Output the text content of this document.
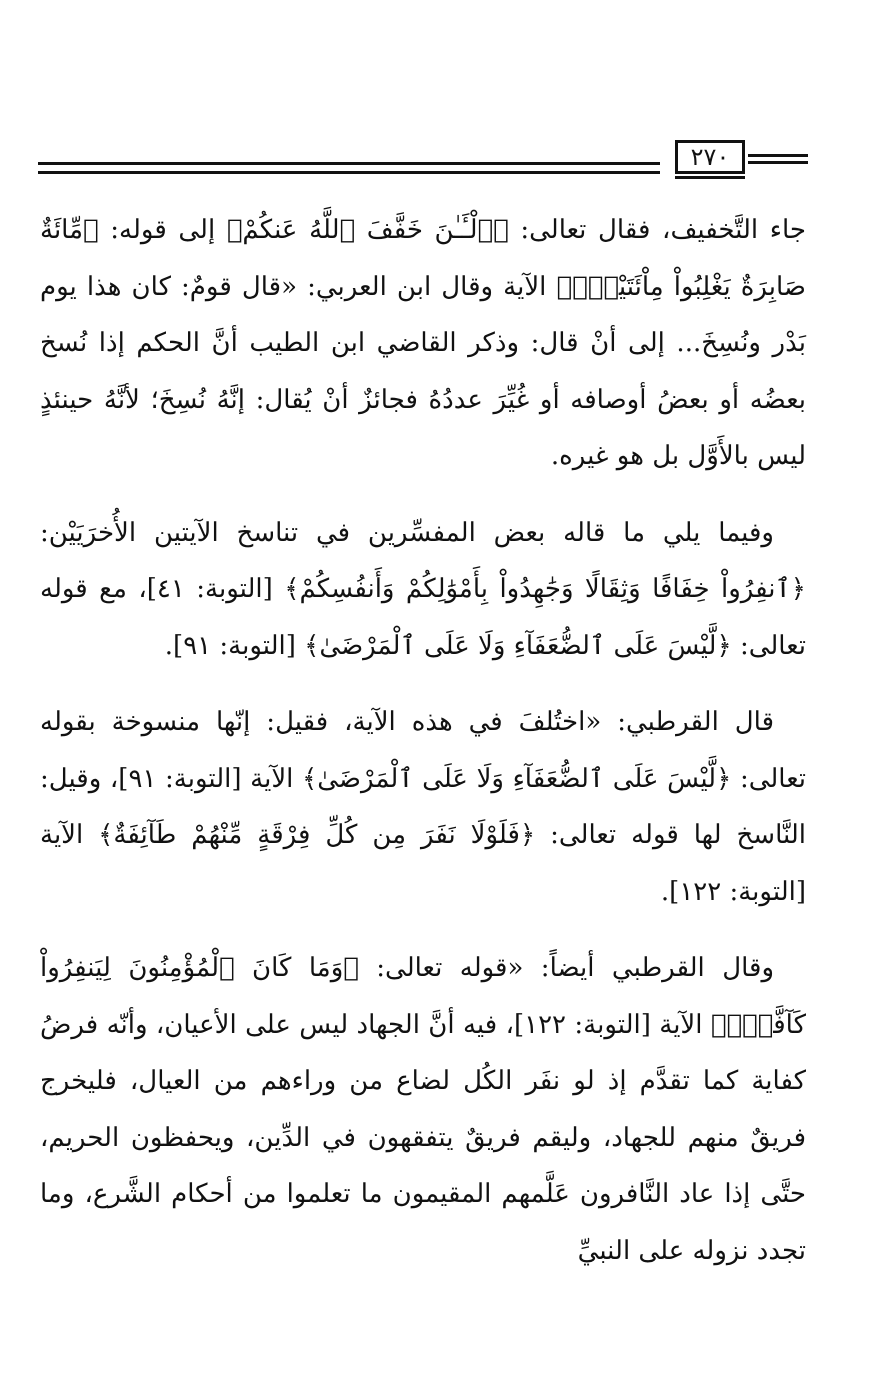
٢٧٠

جاء التَّخفيف، فقال تعالى: ﴿ٱلْـَٔـٰنَ خَفَّفَ ٱللَّهُ عَنكُمْ﴾ إلى قوله: ﴿مِّائَةٌ صَابِرَةٌ يَغْلِبُواْ مِاْئَتَيْنِۚ﴾ الآية وقال ابن العربي: «قال قومٌ: كان هذا يوم بَدْر ونُسِخَ... إلى أنْ قال: وذكر القاضي ابن الطيب أنَّ الحكم إذا نُسخ بعضُه أو بعضُ أوصافه أو غُيِّرَ عددُهُ فجائزٌ أنْ يُقال: إنَّهُ نُسِخَ؛ لأنَّهُ حينئذٍ ليس بالأَوَّل بل هو غيره.

وفيما يلي ما قاله بعض المفسِّرين في تناسخ الآيتين الأُخرَيَيْن: ﴿ٱنفِرُواْ خِفَافًا وَثِقَالًا وَجَٰهِدُواْ بِأَمْوَٰلِكُمْ وَأَنفُسِكُمْ﴾ [التوبة: ٤١]، مع قوله تعالى: ﴿لَّيْسَ عَلَى ٱلضُّعَفَآءِ وَلَا عَلَى ٱلْمَرْضَىٰ﴾ [التوبة: ٩١].

قال القرطبي: «اختُلفَ في هذه الآية، فقيل: إنّها منسوخة بقوله تعالى: ﴿لَّيْسَ عَلَى ٱلضُّعَفَآءِ وَلَا عَلَى ٱلْمَرْضَىٰ﴾ الآية [التوبة: ٩١]، وقيل: النَّاسخ لها قوله تعالى: ﴿فَلَوْلَا نَفَرَ مِن كُلِّ فِرْقَةٍ مِّنْهُمْ طَآئِفَةٌ﴾ الآية [التوبة: ١٢٢].

وقال القرطبي أيضاً: «قوله تعالى: ﴿وَمَا كَانَ ٱلْمُؤْمِنُونَ لِيَنفِرُواْ كَآفَّةًۚ﴾ الآية [التوبة: ١٢٢]، فيه أنَّ الجهاد ليس على الأعيان، وأنّه فرضُ كفاية كما تقدَّم إذ لو نفَر الكُل لضاع من وراءهم من العيال، فليخرج فريقٌ منهم للجهاد، وليقم فريقٌ يتفقهون في الدِّين، ويحفظون الحريم، حتَّى إذا عاد النَّافرون عَلَّمهم المقيمون ما تعلموا من أحكام الشَّرع، وما تجدد نزوله على النبيِّ
